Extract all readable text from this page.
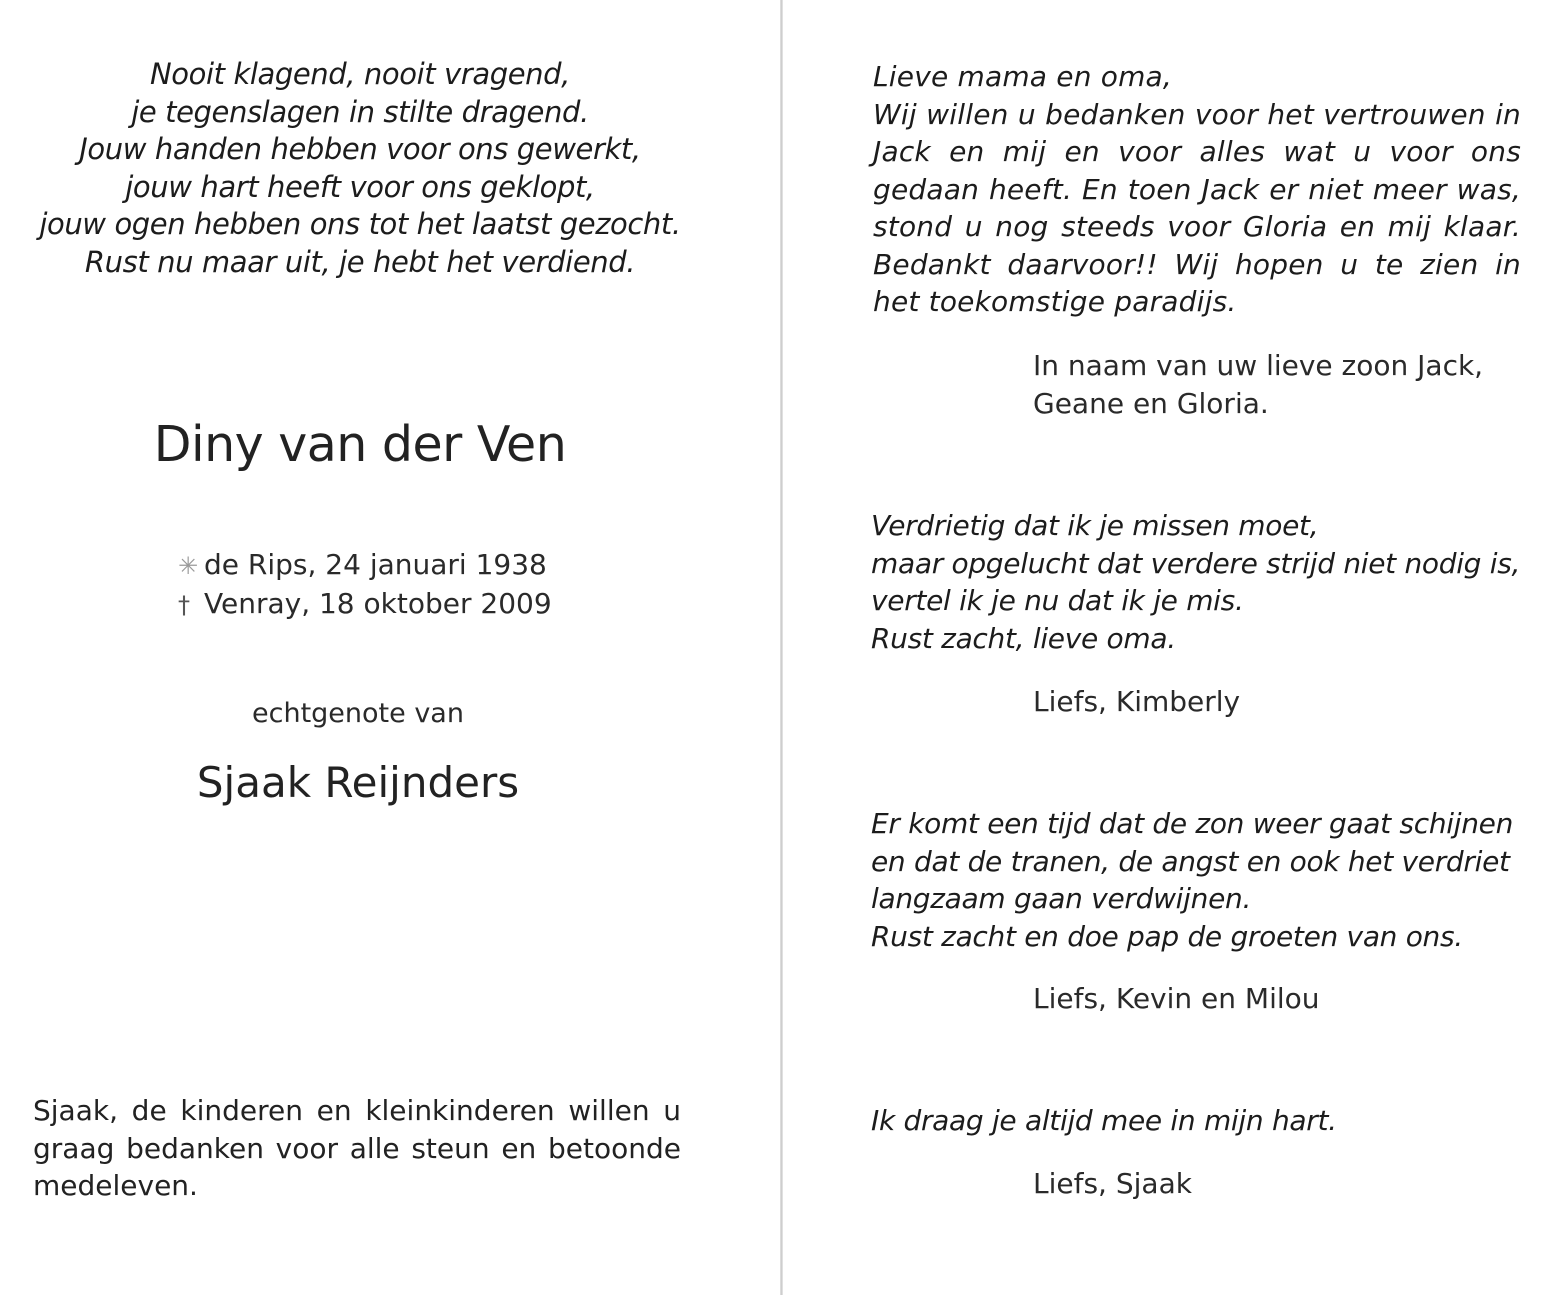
Nooit klagend, nooit vragend,
je tegenslagen in stilte dragend.
Jouw handen hebben voor ons gewerkt,
jouw hart heeft voor ons geklopt,
jouw ogen hebben ons tot het laatst gezocht.
Rust nu maar uit, je hebt het verdiend.
Diny van der Ven
✳ de Rips, 24 januari 1938
† Venray, 18 oktober 2009
echtgenote van
Sjaak Reijnders
Sjaak, de kinderen en kleinkinderen willen u graag bedanken voor alle steun en betoonde medeleven.
Lieve mama en oma,
Wij willen u bedanken voor het vertrouwen in Jack en mij en voor alles wat u voor ons gedaan heeft. En toen Jack er niet meer was, stond u nog steeds voor Gloria en mij klaar. Bedankt daarvoor!! Wij hopen u te zien in het toekomstige paradijs.
In naam van uw lieve zoon Jack,
Geane en Gloria.
Verdrietig dat ik je missen moet,
maar opgelucht dat verdere strijd niet nodig is,
vertel ik je nu dat ik je mis.
Rust zacht, lieve oma.
Liefs, Kimberly
Er komt een tijd dat de zon weer gaat schijnen
en dat de tranen, de angst en ook het verdriet
langzaam gaan verdwijnen.
Rust zacht en doe pap de groeten van ons.
Liefs, Kevin en Milou
Ik draag je altijd mee in mijn hart.
Liefs, Sjaak
